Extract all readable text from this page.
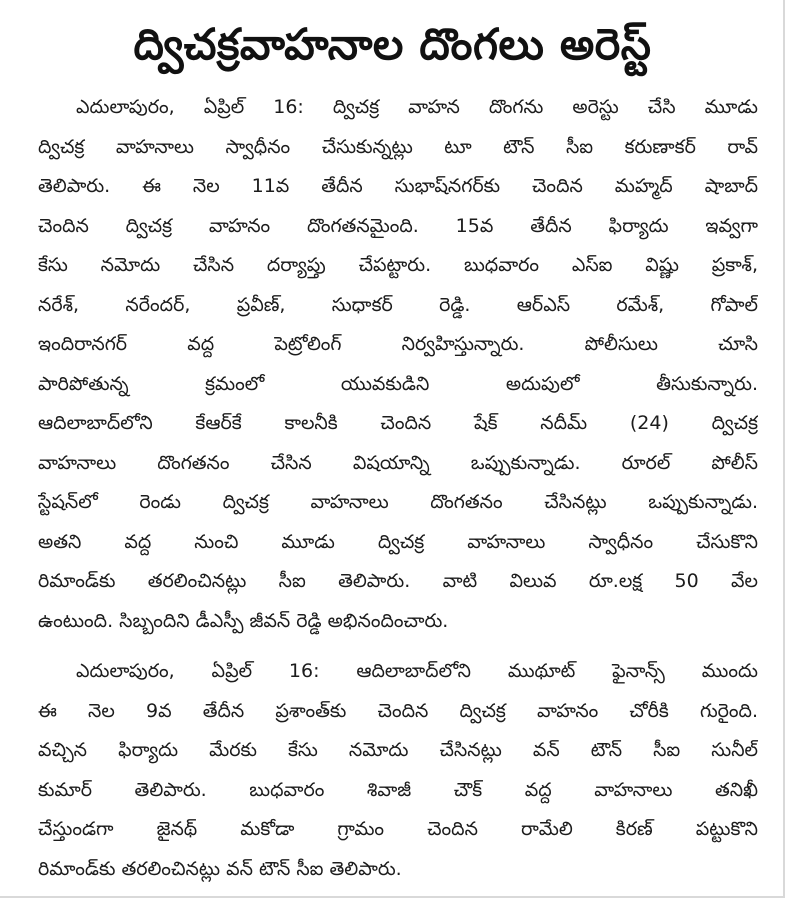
ద్విచక్రవాహనాల దొంగలు అరెస్ట్
ఎదులాపురం, ఏప్రిల్ 16: ద్విచక్ర వాహన దొంగను అరెస్టు చేసి మూడు
ద్విచక్ర వాహనాలు స్వాధీనం చేసుకున్నట్లు టూ టౌన్ సీఐ కరుణాకర్ రావ్
తెలిపారు. ఈ నెల 11వ తేదీన సుభాష్‌నగర్‌కు చెందిన మహ్మద్ షాబాద్
చెందిన ద్విచక్ర వాహనం దొంగతనమైంది. 15వ తేదీన ఫిర్యాదు ఇవ్వగా
కేసు నమోదు చేసిన దర్యాప్తు చేపట్టారు. బుధవారం ఎస్ఐ విష్ణు ప్రకాశ్,
నరేశ్, నరేందర్, ప్రవీణ్, సుధాకర్ రెడ్డి. ఆర్ఎస్ రమేశ్, గోపాల్
ఇందిరానగర్ వద్ద పెట్రోలింగ్ నిర్వహిస్తున్నారు. పోలీసులు చూసి
పారిపోతున్న క్రమంలో యువకుడిని అదుపులో తీసుకున్నారు.
ఆదిలాబాద్‌లోని కేఆర్‌కే కాలనీకి చెందిన షేక్ నదీమ్ (24) ద్విచక్ర
వాహనాలు దొంగతనం చేసిన విషయాన్ని ఒప్పుకున్నాడు. రూరల్ పోలీస్
స్టేషన్‌లో రెండు ద్విచక్ర వాహనాలు దొంగతనం చేసినట్లు ఒప్పుకున్నాడు.
అతని వద్ద నుంచి మూడు ద్విచక్ర వాహనాలు స్వాధీనం చేసుకొని
రిమాండ్‌కు తరలించినట్లు సీఐ తెలిపారు. వాటి విలువ రూ.లక్ష 50 వేల
ఉంటుంది. సిబ్బందిని డీఎస్పీ జీవన్ రెడ్డి అభినందించారు.
ఎదులాపురం, ఏప్రిల్ 16: ఆదిలాబాద్‌లోని ముథూట్ ఫైనాన్స్ ముందు
ఈ నెల 9వ తేదీన ప్రశాంత్‌కు చెందిన ద్విచక్ర వాహనం చోరీకి గురైంది.
వచ్చిన ఫిర్యాదు మేరకు కేసు నమోదు చేసినట్లు వన్ టౌన్ సీఐ సునీల్
కుమార్ తెలిపారు. బుధవారం శివాజీ చౌక్ వద్ద వాహనాలు తనిఖీ
చేస్తుండగా జైనథ్ మకోడా గ్రామం చెందిన రామేలి కిరణ్ పట్టుకొని
రిమాండ్‌కు తరలించినట్లు వన్ టౌన్ సీఐ తెలిపారు.
